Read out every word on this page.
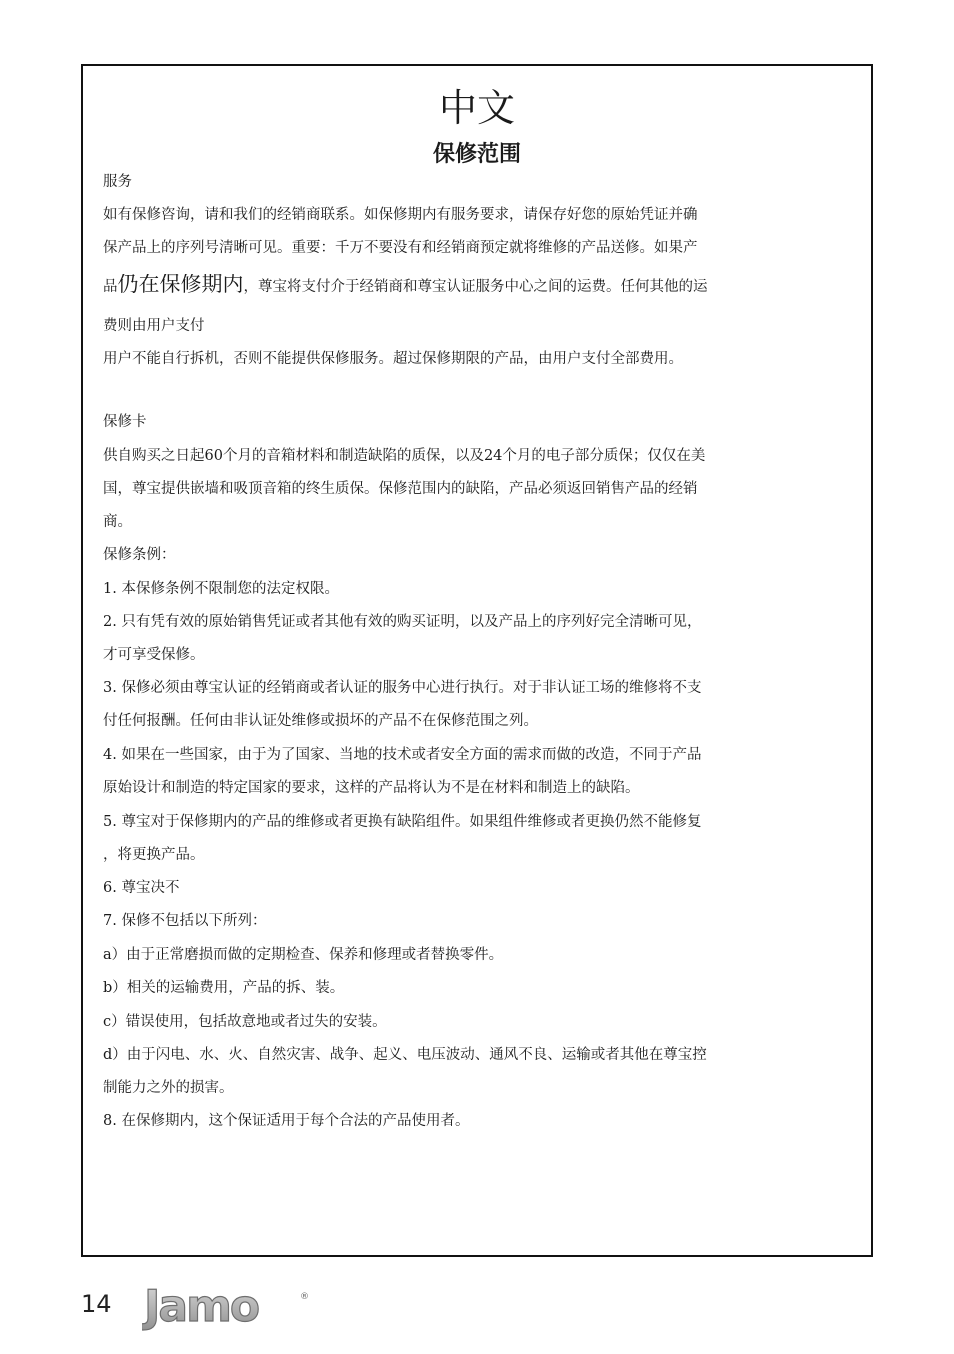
中文
保修范围
服务
如有保修咨询，请和我们的经销商联系。如保修期内有服务要求，请保存好您的原始凭证并确
保产品上的序列号清晰可见。重要：千万不要没有和经销商预定就将维修的产品送修。如果产
品仍在保修期内，尊宝将支付介于经销商和尊宝认证服务中心之间的运费。任何其他的运
费则由用户支付
用户不能自行拆机，否则不能提供保修服务。超过保修期限的产品，由用户支付全部费用。
保修卡
供自购买之日起60个月的音箱材料和制造缺陷的质保，以及24个月的电子部分质保；仅仅在美
国，尊宝提供嵌墙和吸顶音箱的终生质保。保修范围内的缺陷，产品必须返回销售产品的经销
商。
保修条例：
1. 本保修条例不限制您的法定权限。
2. 只有凭有效的原始销售凭证或者其他有效的购买证明，以及产品上的序列好完全清晰可见，
才可享受保修。
3. 保修必须由尊宝认证的经销商或者认证的服务中心进行执行。对于非认证工场的维修将不支
付任何报酬。任何由非认证处维修或损坏的产品不在保修范围之列。
4. 如果在一些国家，由于为了国家、当地的技术或者安全方面的需求而做的改造，不同于产品
原始设计和制造的特定国家的要求，这样的产品将认为不是在材料和制造上的缺陷。
5. 尊宝对于保修期内的产品的维修或者更换有缺陷组件。如果组件维修或者更换仍然不能修复
，将更换产品。
6. 尊宝决不
7. 保修不包括以下所列：
a）由于正常磨损而做的定期检查、保养和修理或者替换零件。
b）相关的运输费用，产品的拆、装。
c）错误使用，包括故意地或者过失的安装。
d）由于闪电、水、火、自然灾害、战争、起义、电压波动、通风不良、运输或者其他在尊宝控
制能力之外的损害。
8. 在保修期内，这个保证适用于每个合法的产品使用者。
14 Jamo	®
